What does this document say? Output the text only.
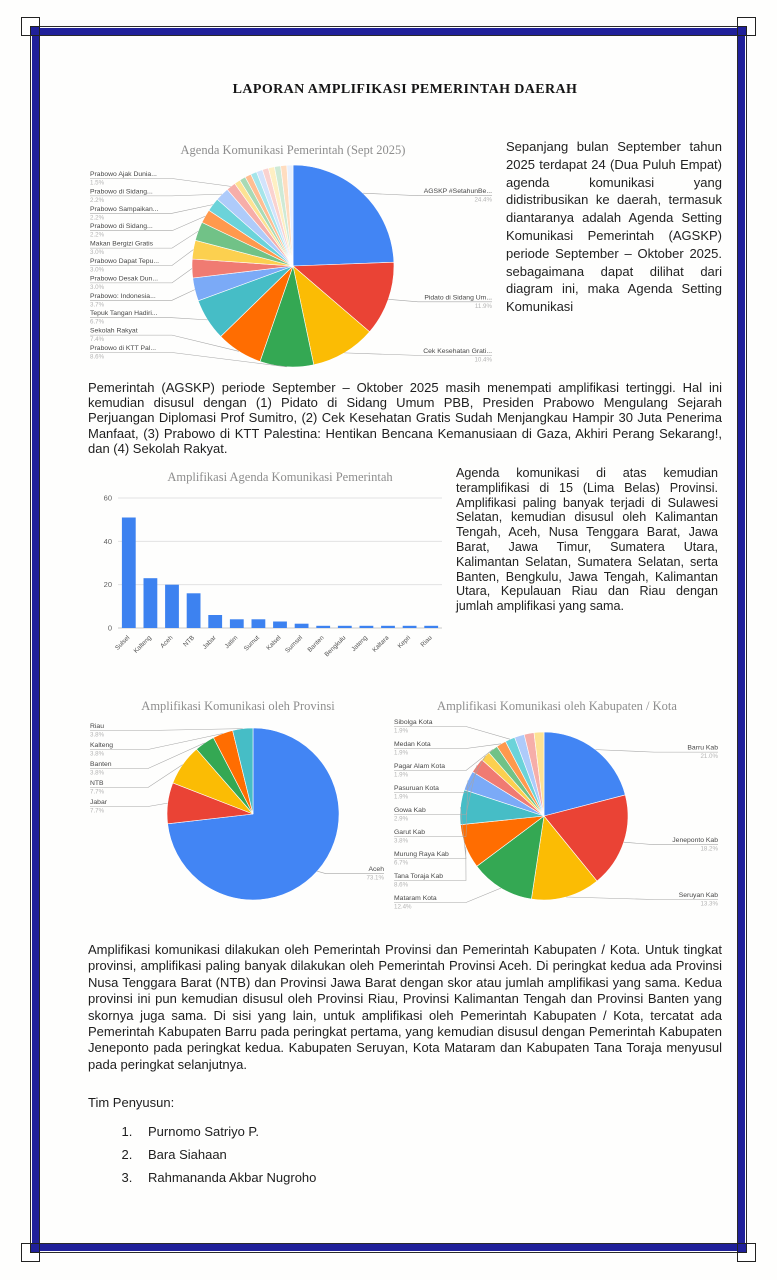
LAPORAN AMPLIFIKASI PEMERINTAH DAERAH
Agenda Komunikasi Pemerintah (Sept 2025)
Prabowo Ajak Dunia...
1.5%
Prabowo di Sidang...
2.2%
Prabowo Sampaikan...
2.2%
Prabowo di Sidang...
2.2%
Makan Bergizi Gratis
3.0%
Prabowo Dapat Tepu...
3.0%
Prabowo Desak Dun...
3.0%
Prabowo: Indonesia...
3.7%
Tepuk Tangan Hadiri...
6.7%
Sekolah Rakyat
7.4%
Prabowo di KTT Pal...
8.6%
AGSKP #SetahunBe...
24.4%
Pidato di Sidang Um...
11.9%
Cek Kesehatan Grati...
10.4%

Sepanjang bulan September tahun 2025 terdapat 24 (Dua Puluh Empat) agenda komunikasi yang didistribusikan ke daerah, termasuk diantaranya adalah Agenda Setting Komunikasi Pemerintah (AGSKP) periode September – Oktober 2025. sebagaimana dapat dilihat dari diagram ini, maka Agenda Setting Komunikasi

Pemerintah (AGSKP) periode September – Oktober 2025 masih menempati amplifikasi tertinggi. Hal ini kemudian disusul dengan (1) Pidato di Sidang Umum PBB, Presiden Prabowo Mengulang Sejarah Perjuangan Diplomasi Prof Sumitro, (2) Cek Kesehatan Gratis Sudah Menjangkau Hampir 30 Juta Penerima Manfaat, (3) Prabowo di KTT Palestina: Hentikan Bencana Kemanusiaan di Gaza, Akhiri Perang Sekarang!, dan (4) Sekolah Rakyat.

Amplifikasi Agenda Komunikasi Pemerintah
0
20
40
60
Sulsel Kalteng Aceh NTB Jabar Jatim Sumut Kalsel Sumsel Banten
Bengkulu Jateng Kaltara Kepri Riau

Agenda komunikasi di atas kemudian teramplifikasi di 15 (Lima Belas) Provinsi. Amplifikasi paling banyak terjadi di Sulawesi Selatan, kemudian disusul oleh Kalimantan Tengah, Aceh, Nusa Tenggara Barat, Jawa Barat, Jawa Timur, Sumatera Utara, Kalimantan Selatan, Sumatera Selatan, serta Banten, Bengkulu, Jawa Tengah, Kalimantan Utara, Kepulauan Riau dan Riau dengan jumlah amplifikasi yang sama.

Amplifikasi Komunikasi oleh Provinsi
Riau
3.8%
Kalteng
3.8%
Banten
3.8%
NTB
7.7%
Jabar
7.7%
Aceh
73.1%
Amplifikasi Komunikasi oleh Kabupaten / Kota
Sibolga Kota
1.9%
Medan Kota
1.9%
Pagar Alam Kota
1.9%
Pasuruan Kota
1.9%
Gowa Kab
2.9%
Garut Kab
3.8%
Murung Raya Kab
6.7%
Tana Toraja Kab
8.6%
Mataram Kota
12.4%
Barru Kab
21.0%
Jeneponto Kab
18.2%
Seruyan Kab
13.3%

Amplifikasi komunikasi dilakukan oleh Pemerintah Provinsi dan Pemerintah Kabupaten / Kota. Untuk tingkat provinsi, amplifikasi paling banyak dilakukan oleh Pemerintah Provinsi Aceh. Di peringkat kedua ada Provinsi Nusa Tenggara Barat (NTB) dan Provinsi Jawa Barat dengan skor atau jumlah amplifikasi yang sama. Kedua provinsi ini pun kemudian disusul oleh Provinsi Riau, Provinsi Kalimantan Tengah dan Provinsi Banten yang skornya juga sama. Di sisi yang lain, untuk amplifikasi oleh Pemerintah Kabupaten / Kota, tercatat ada Pemerintah Kabupaten Barru pada peringkat pertama, yang kemudian disusul dengan Pemerintah Kabupaten Jeneponto pada peringkat kedua. Kabupaten Seruyan, Kota Mataram dan Kabupaten Tana Toraja menyusul pada peringkat selanjutnya.

Tim Penyusun:

1. Purnomo Satriyo P.
2. Bara Siahaan
3. Rahmananda Akbar Nugroho
